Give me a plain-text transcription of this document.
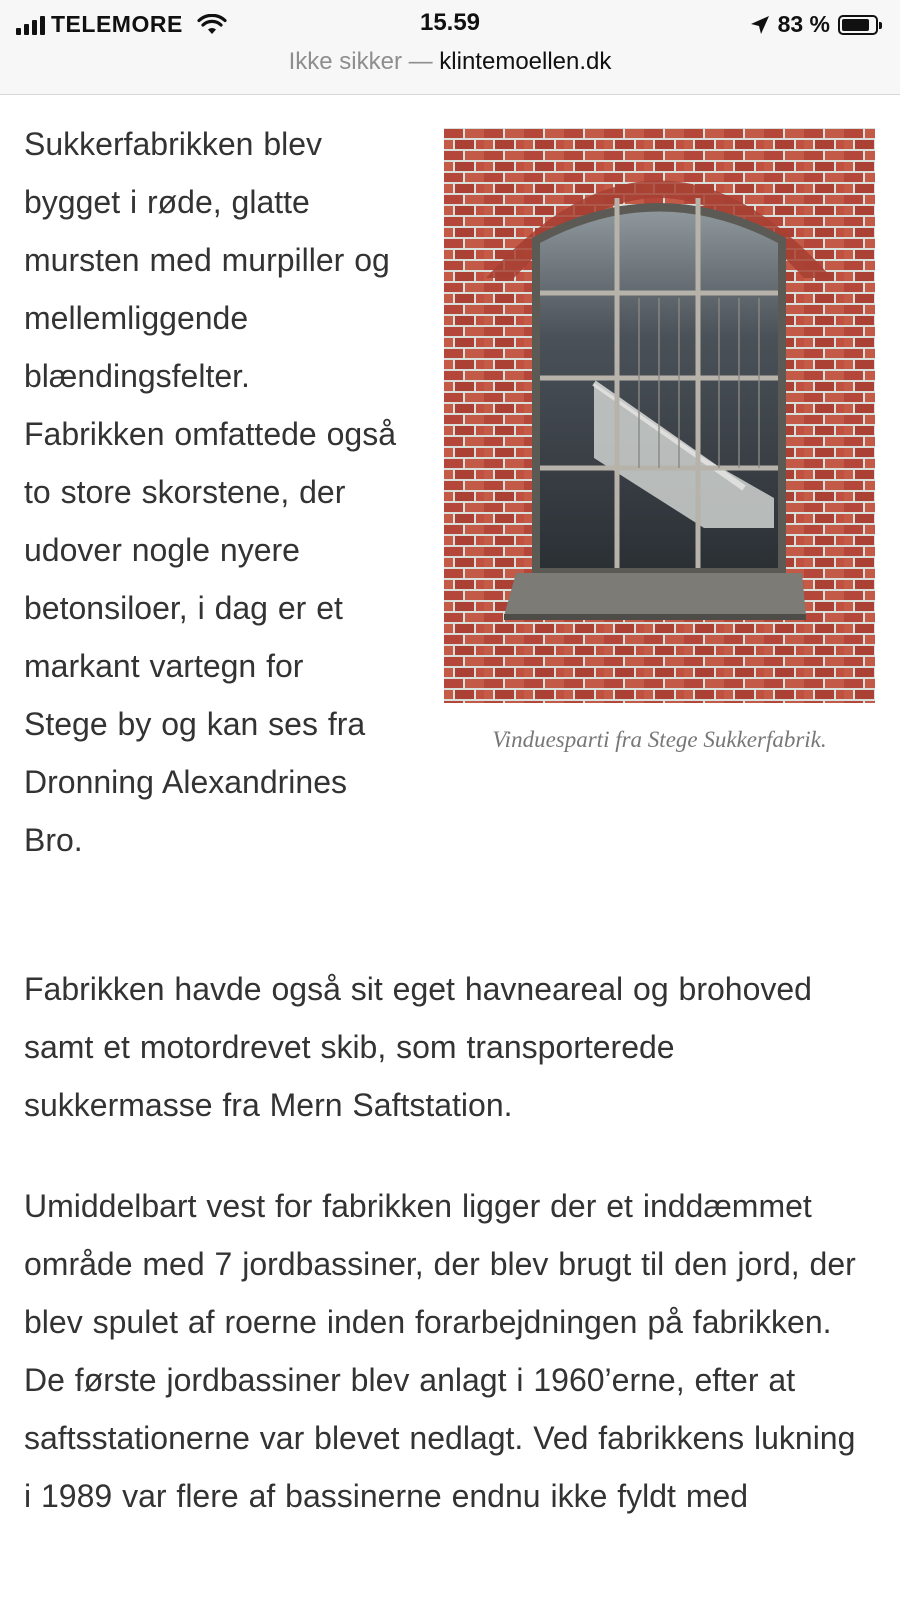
TELEMORE	15.59	83 %
Ikke sikker — klintemoellen.dk

Sukkerfabrikken blev bygget i røde, glatte mursten med murpiller og mellemliggende blændingsfelter. Fabrikken omfattede også to store skorstene, der udover nogle nyere betonsiloer, i dag er et markant vartegn for Stege by og kan ses fra Dronning Alexandrines Bro.

Vinduesparti fra Stege Sukkerfabrik.

Fabrikken havde også sit eget havneareal og brohoved samt et motordrevet skib, som transporterede sukkermasse fra Mern Saftstation.

Umiddelbart vest for fabrikken ligger der et inddæmmet område med 7 jordbassiner, der blev brugt til den jord, der blev spulet af roerne inden forarbejdningen på fabrikken. De første jordbassiner blev anlagt i 1960’erne, efter at saftsstationerne var blevet nedlagt. Ved fabrikkens lukning i 1989 var flere af bassinerne endnu ikke fyldt med
